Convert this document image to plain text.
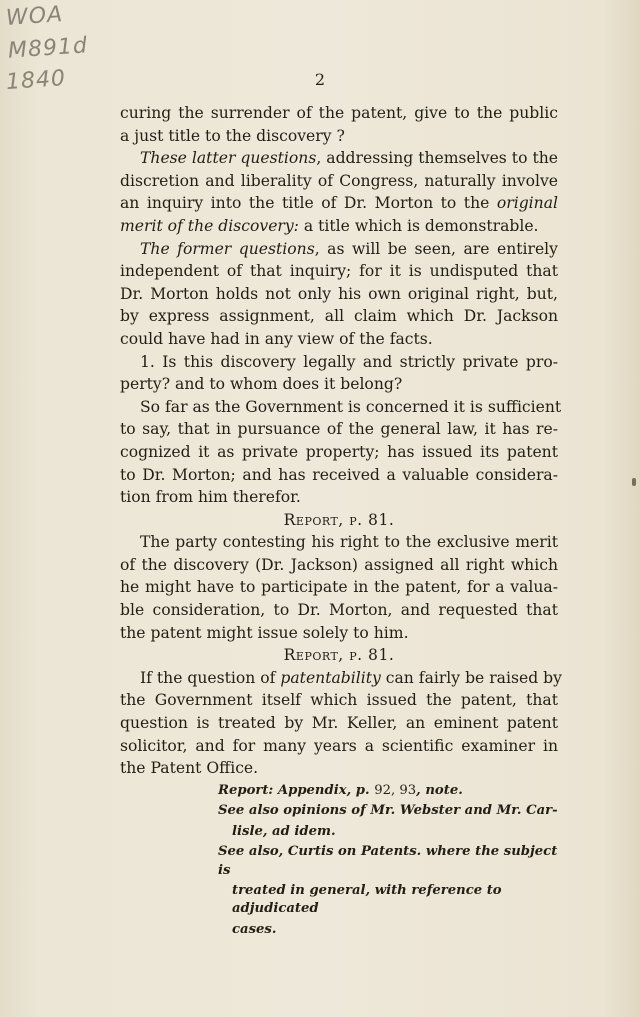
WOA
M891d
1840	2
curing the surrender of the patent, give to the public
a just title to the discovery ?
These latter questions, addressing themselves to the
discretion and liberality of Congress, naturally involve
an inquiry into the title of Dr. Morton to the original
merit of the discovery: a title which is demonstrable.
The former questions, as will be seen, are entirely
independent of that inquiry; for it is undisputed that
Dr. Morton holds not only his own original right, but,
by express assignment, all claim which Dr. Jackson
could have had in any view of the facts.
1. Is this discovery legally and strictly private pro-
perty? and to whom does it belong?
So far as the Government is concerned it is sufficient
to say, that in pursuance of the general law, it has re-
cognized it as private property; has issued its patent
to Dr. Morton; and has received a valuable considera-
tion from him therefor.
Report, p. 81.
The party contesting his right to the exclusive merit
of the discovery (Dr. Jackson) assigned all right which
he might have to participate in the patent, for a valua-
ble consideration, to Dr. Morton, and requested that
the patent might issue solely to him.
Report, p. 81.
If the question of patentability can fairly be raised by
the Government itself which issued the patent, that
question is treated by Mr. Keller, an eminent patent
solicitor, and for many years a scientific examiner in
the Patent Office.
Report: Appendix, p. 92, 93, note.
See also opinions of Mr. Webster and Mr. Car-
lisle, ad idem.
See also, Curtis on Patents. where the subject is
treated in general, with reference to adjudicated
cases.
